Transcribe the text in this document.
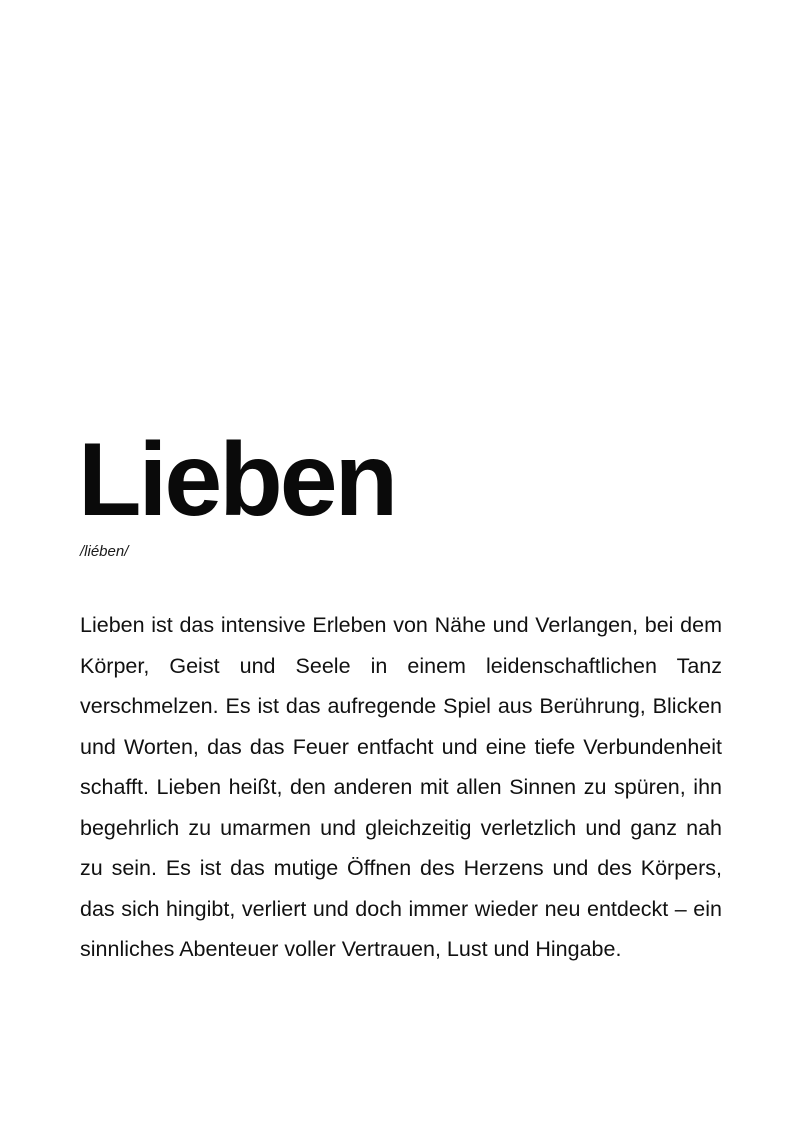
Lieben

/liében/

Lieben ist das intensive Erleben von Nähe und Verlangen, bei dem Körper, Geist und Seele in einem leidenschaftlichen Tanz verschmelzen. Es ist das aufregende Spiel aus Berührung, Blicken und Worten, das das Feuer entfacht und eine tiefe Verbundenheit schafft. Lieben heißt, den anderen mit allen Sinnen zu spüren, ihn begehrlich zu umarmen und gleichzeitig verletzlich und ganz nah zu sein. Es ist das mutige Öffnen des Herzens und des Körpers, das sich hingibt, verliert und doch immer wieder neu entdeckt – ein sinnliches Abenteuer voller Vertrauen, Lust und Hingabe.
